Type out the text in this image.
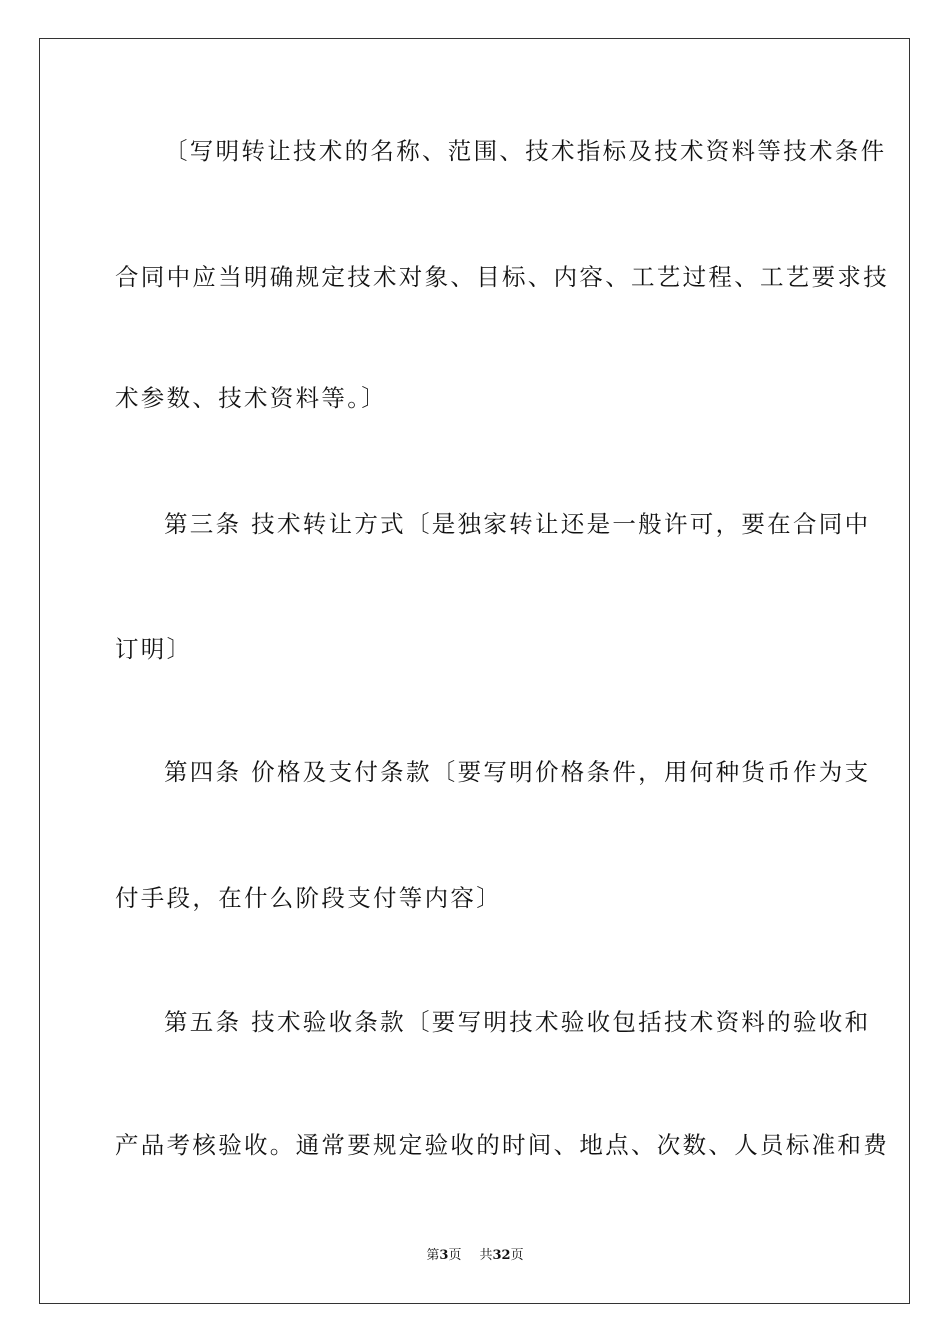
〔写明转让技术的名称、范围、技术指标及技术资料等技术条件
合同中应当明确规定技术对象、目标、内容、工艺过程、工艺要求技
术参数、技术资料等。〕
第三条 技术转让方式〔是独家转让还是一般许可，要在合同中
订明〕
第四条 价格及支付条款〔要写明价格条件，用何种货币作为支
付手段，在什么阶段支付等内容〕
第五条 技术验收条款〔要写明技术验收包括技术资料的验收和
产品考核验收。通常要规定验收的时间、地点、次数、人员标准和费
第3页 共32页
